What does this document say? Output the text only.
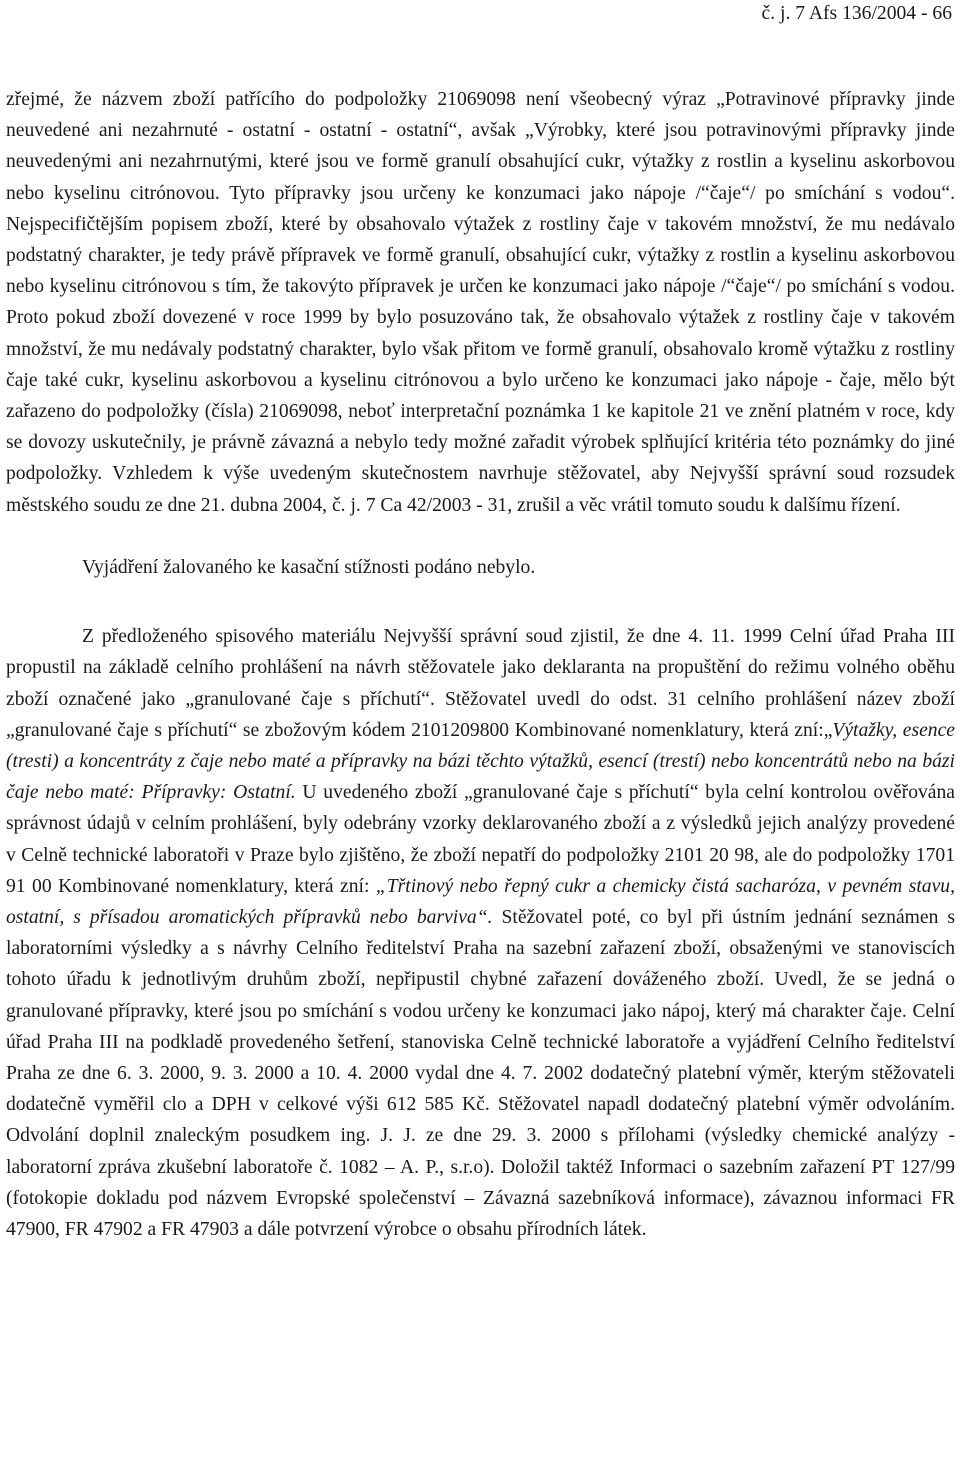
č. j. 7 Afs 136/2004 - 66

zřejmé, že názvem zboží patřícího do podpoložky 21069098 není všeobecný výraz „Potravinové přípravky jinde neuvedené ani nezahrnuté - ostatní - ostatní - ostatní“, avšak „Výrobky, které jsou potravinovými přípravky jinde neuvedenými ani nezahrnutými, které jsou ve formě granulí obsahující cukr, výtažky z rostlin a kyselinu askorbovou nebo kyselinu citrónovou. Tyto přípravky jsou určeny ke konzumaci jako nápoje /“čaje“/ po smíchání s vodou“. Nejspecifičtějším popisem zboží, které by obsahovalo výtažek z rostliny čaje v takovém množství, že mu nedávalo podstatný charakter, je tedy právě přípravek ve formě granulí, obsahující cukr, výtažky z rostlin a kyselinu askorbovou nebo kyselinu citrónovou s tím, že takovýto přípravek je určen ke konzumaci jako nápoje /“čaje“/ po smíchání s vodou. Proto pokud zboží dovezené v roce 1999 by bylo posuzováno tak, že obsahovalo výtažek z rostliny čaje v takovém množství, že mu nedávaly podstatný charakter, bylo však přitom ve formě granulí, obsahovalo kromě výtažku z rostliny čaje také cukr, kyselinu askorbovou a kyselinu citrónovou a bylo určeno ke konzumaci jako nápoje - čaje, mělo být zařazeno do podpoložky (čísla) 21069098, neboť interpretační poznámka 1 ke kapitole 21 ve znění platném v roce, kdy se dovozy uskutečnily, je právně závazná a nebylo tedy možné zařadit výrobek splňující kritéria této poznámky do jiné podpoložky. Vzhledem k výše uvedeným skutečnostem navrhuje stěžovatel, aby Nejvyšší správní soud rozsudek městského soudu ze dne 21. dubna 2004, č. j. 7 Ca 42/2003 - 31, zrušil a věc vrátil tomuto soudu k dalšímu řízení.

Vyjádření žalovaného ke kasační stížnosti podáno nebylo.

Z předloženého spisového materiálu Nejvyšší správní soud zjistil, že dne 4. 11. 1999 Celní úřad Praha III propustil na základě celního prohlášení na návrh stěžovatele jako deklaranta na propuštění do režimu volného oběhu zboží označené jako „granulované čaje s příchutí“. Stěžovatel uvedl do odst. 31 celního prohlášení název zboží „granulované čaje s příchutí“ se zbožovým kódem 2101209800 Kombinované nomenklatury, která zní:„Výtažky, esence (tresti) a koncentráty z čaje nebo maté a přípravky na bázi těchto výtažků, esencí (trestí) nebo koncentrátů nebo na bázi čaje nebo maté: Přípravky: Ostatní. U uvedeného zboží „granulované čaje s příchutí“ byla celní kontrolou ověřována správnost údajů v celním prohlášení, byly odebrány vzorky deklarovaného zboží a z výsledků jejich analýzy provedené v Celně technické laboratoři v Praze bylo zjištěno, že zboží nepatří do podpoložky 2101 20 98, ale do podpoložky 1701 91 00 Kombinované nomenklatury, která zní: „Třtinový nebo řepný cukr a chemicky čistá sacharóza, v pevném stavu, ostatní, s přísadou aromatických přípravků nebo barviva“. Stěžovatel poté, co byl při ústním jednání seznámen s laboratorními výsledky a s návrhy Celního ředitelství Praha na sazební zařazení zboží, obsaženými ve stanoviscích tohoto úřadu k jednotlivým druhům zboží, nepřipustil chybné zařazení dováženého zboží. Uvedl, že se jedná o granulované přípravky, které jsou po smíchání s vodou určeny ke konzumaci jako nápoj, který má charakter čaje. Celní úřad Praha III na podkladě provedeného šetření, stanoviska Celně technické laboratoře a vyjádření Celního ředitelství Praha ze dne 6. 3. 2000, 9. 3. 2000 a 10. 4. 2000 vydal dne 4. 7. 2002 dodatečný platební výměr, kterým stěžovateli dodatečně vyměřil clo a DPH v celkové výši 612 585 Kč. Stěžovatel napadl dodatečný platební výměr odvoláním. Odvolání doplnil znaleckým posudkem ing. J. J. ze dne 29. 3. 2000 s přílohami (výsledky chemické analýzy - laboratorní zpráva zkušební laboratoře č. 1082 – A. P., s.r.o). Doložil taktéž Informaci o sazebním zařazení PT 127/99 (fotokopie dokladu pod názvem Evropské společenství – Závazná sazebníková informace), závaznou informaci FR 47900, FR 47902 a FR 47903 a dále potvrzení výrobce o obsahu přírodních látek.
